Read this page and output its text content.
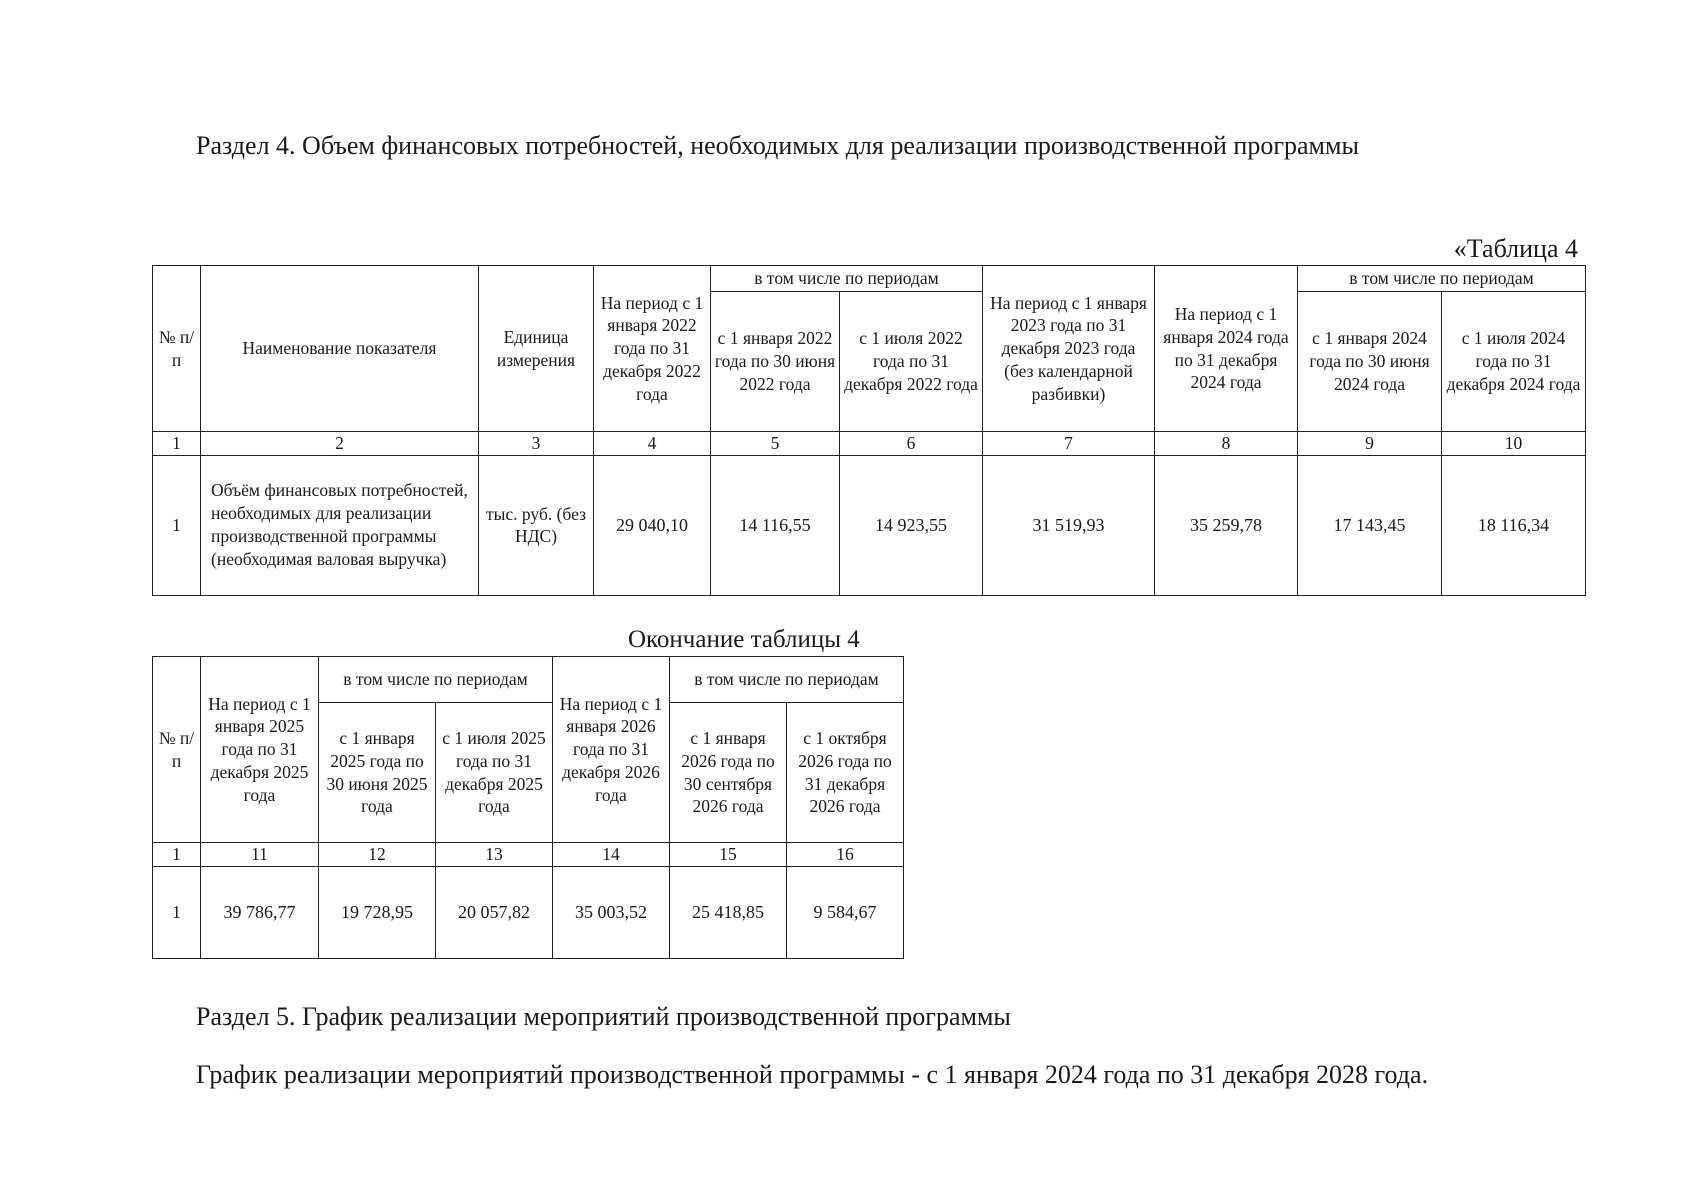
Раздел 4. Объем финансовых потребностей, необходимых для реализации производственной программы
«Таблица 4
№ п/п	Наименование показателя	Единица измерения	На период с 1 января 2022 года по 31 декабря 2022 года	в том числе по периодам		На период с 1 января 2023 года по 31 декабря 2023 года (без календарной разбивки)	На период с 1 января 2024 года по 31 декабря 2024 года	в том числе по периодам	
				с 1 января 2022 года по 30 июня 2022 года	с 1 июля 2022 года по 31 декабря 2022 года			с 1 января 2024 года по 30 июня 2024 года	с 1 июля 2024 года по 31 декабря 2024 года
1	2	3	4	5	6	7	8	9	10
1	Объём финансовых потребностей, необходимых для реализации производственной программы (необходимая валовая выручка)	тыс. руб. (без НДС)	29 040,10	14 116,55	14 923,55	31 519,93	35 259,78	17 143,45	18 116,34
Окончание таблицы 4
№ п/п	На период с 1 января 2025 года по 31 декабря 2025 года	в том числе по периодам		На период с 1 января 2026 года по 31 декабря 2026 года	в том числе по периодам	
		с 1 января 2025 года по 30 июня 2025 года	с 1 июля 2025 года по 31 декабря 2025 года		с 1 января 2026 года по 30 сентября 2026 года	с 1 октября 2026 года по 31 декабря 2026 года
1	11	12	13	14	15	16
1	39 786,77	19 728,95	20 057,82	35 003,52	25 418,85	9 584,67
Раздел 5. График реализации мероприятий производственной программы
График реализации мероприятий производственной программы - с 1 января 2024 года по 31 декабря 2028 года.
